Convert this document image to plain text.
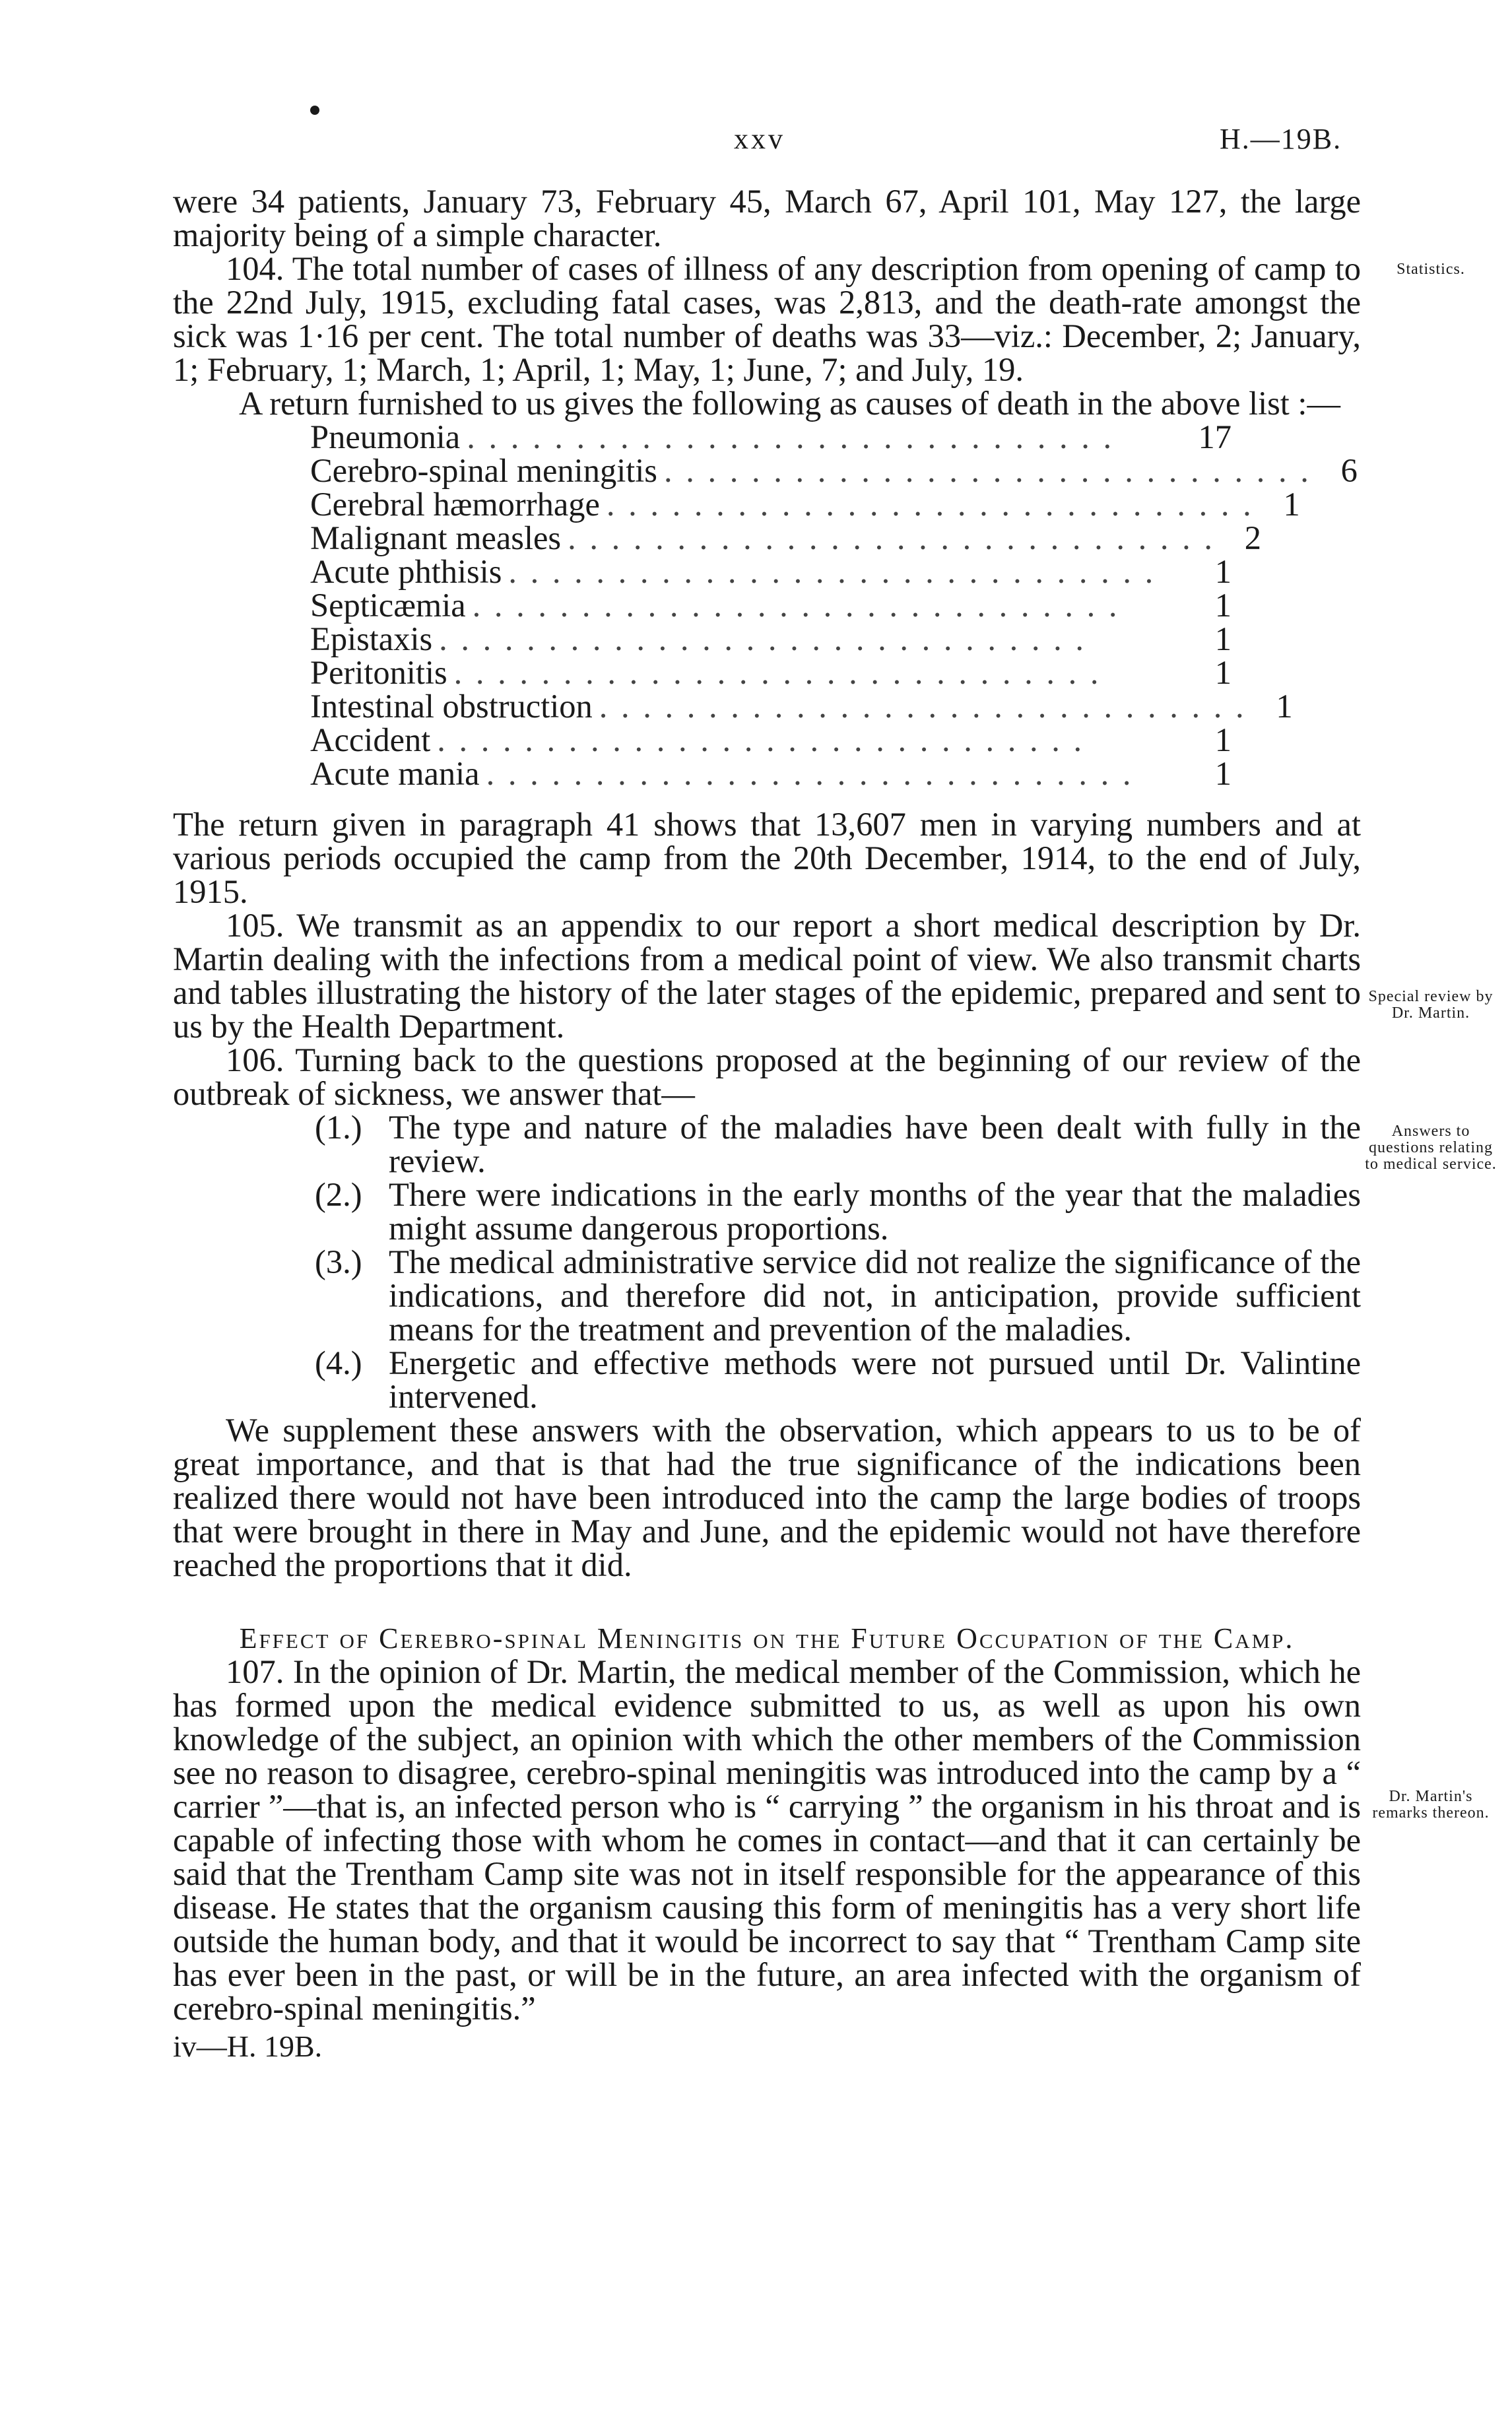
xxv	H.—19B.
Statistics.
Special review by Dr. Martin.
Answers to questions relating to medical service.
Dr. Martin's remarks thereon.

were 34 patients, January 73, February 45, March 67, April 101, May 127, the large majority being of a simple character.

104. The total number of cases of illness of any description from opening of camp to the 22nd July, 1915, excluding fatal cases, was 2,813, and the death-rate amongst the sick was 1·16 per cent. The total number of deaths was 33—viz.: December, 2; January, 1; February, 1; March, 1; April, 1; May, 1; June, 7; and July, 19.

A return furnished to us gives the following as causes of death in the above list :—

Pneumonia . . . . . . . . . . . . . . . . . . . . . . . . . . . . . .	17
Cerebro-spinal meningitis . . . . . . . . . . . . . . . . . . . . . . . . . . . . . . 6
Cerebral hæmorrhage . . . . . . . . . . . . . . . . . . . . . . . . . . . . . . 1
Malignant measles . . . . . . . . . . . . . . . . . . . . . . . . . . . . . . 2
Acute phthisis . . . . . . . . . . . . . . . . . . . . . . . . . . . . . .	1
Septicæmia . . . . . . . . . . . . . . . . . . . . . . . . . . . . . .	1
Epistaxis . . . . . . . . . . . . . . . . . . . . . . . . . . . . . .	1
Peritonitis . . . . . . . . . . . . . . . . . . . . . . . . . . . . . .	1
Intestinal obstruction . . . . . . . . . . . . . . . . . . . . . . . . . . . . . . 1
Accident . . . . . . . . . . . . . . . . . . . . . . . . . . . . . .	1
Acute mania . . . . . . . . . . . . . . . . . . . . . . . . . . . . . .	1

The return given in paragraph 41 shows that 13,607 men in varying numbers and at various periods occupied the camp from the 20th December, 1914, to the end of July, 1915.

105. We transmit as an appendix to our report a short medical description by Dr. Martin dealing with the infections from a medical point of view. We also transmit charts and tables illustrating the history of the later stages of the epidemic, prepared and sent to us by the Health Department.

106. Turning back to the questions proposed at the beginning of our review of the outbreak of sickness, we answer that—

(1.) The type and nature of the maladies have been dealt with fully in the review.
(2.) There were indications in the early months of the year that the maladies might assume dangerous proportions.
(3.) The medical administrative service did not realize the significance of the indications, and therefore did not, in anticipation, provide sufficient means for the treatment and prevention of the maladies.
(4.) Energetic and effective methods were not pursued until Dr. Valintine intervened.

We supplement these answers with the observation, which appears to us to be of great importance, and that is that had the true significance of the indications been realized there would not have been introduced into the camp the large bodies of troops that were brought in there in May and June, and the epidemic would not have therefore reached the proportions that it did.

Effect of Cerebro-spinal Meningitis on the Future Occupation of the Camp.

107. In the opinion of Dr. Martin, the medical member of the Commission, which he has formed upon the medical evidence submitted to us, as well as upon his own knowledge of the subject, an opinion with which the other members of the Commission see no reason to disagree, cerebro-spinal meningitis was introduced into the camp by a “ carrier ”—that is, an infected person who is “ carrying ” the organism in his throat and is capable of infecting those with whom he comes in contact—and that it can certainly be said that the Trentham Camp site was not in itself responsible for the appearance of this disease. He states that the organism causing this form of meningitis has a very short life outside the human body, and that it would be incorrect to say that “ Trentham Camp site has ever been in the past, or will be in the future, an area infected with the organism of cerebro-spinal meningitis.”

iv—H. 19B.
